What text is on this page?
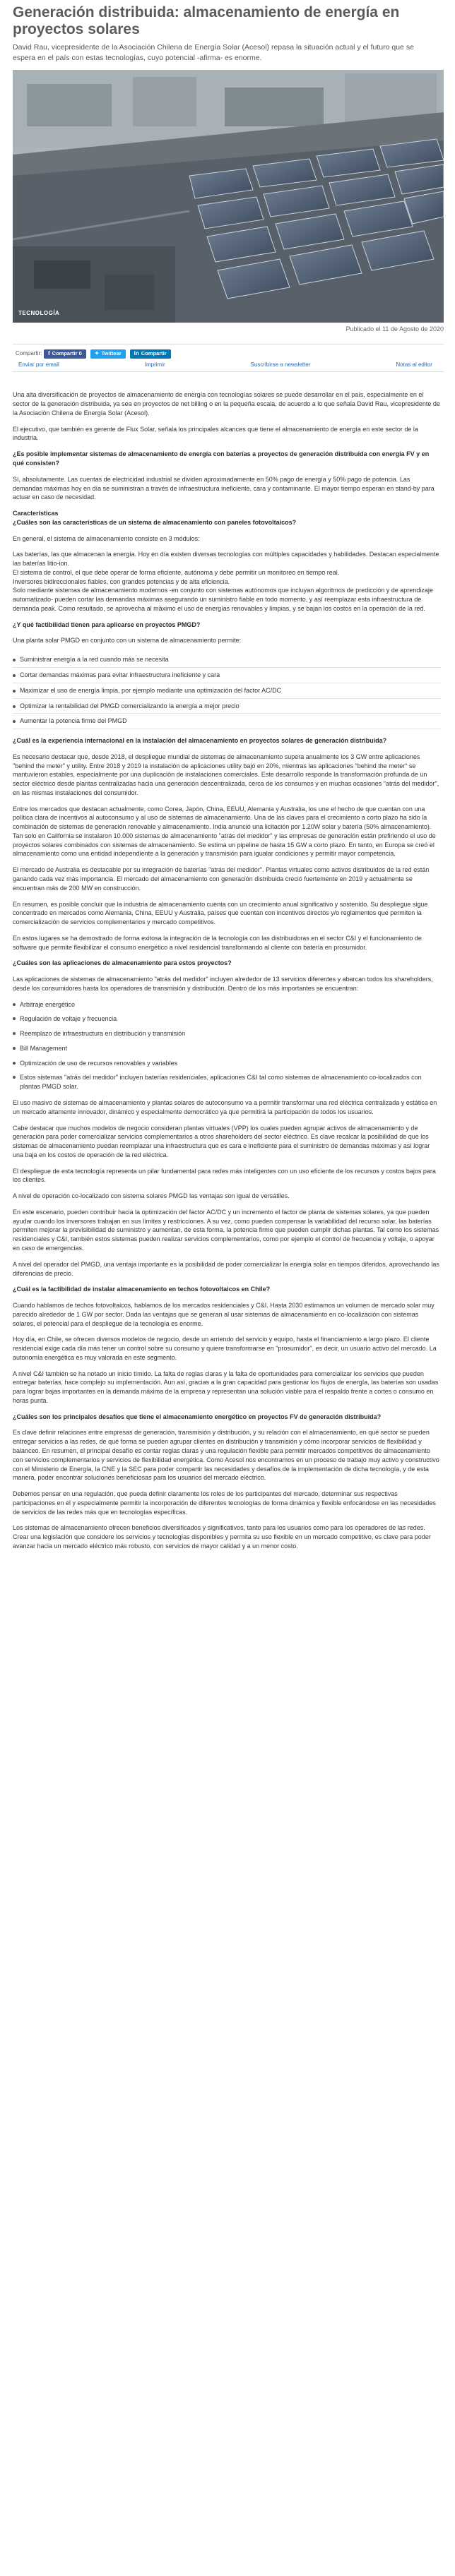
Generación distribuida: almacenamiento de energía en proyectos solares

David Rau, vicepresidente de la Asociación Chilena de Energía Solar (Acesol) repasa la situación actual y el futuro que se espera en el país con estas tecnologías, cuyo potencial -afirma- es enorme.

TECNOLOGÍA
Publicado el 11 de Agosto de 2020
Compartir:	f Compartir 0 ✦ Twittear in Compartir
Enviar por email	Imprimir	Suscribirse a newsletter	Notas al editor

Una alta diversificación de proyectos de almacenamiento de energía con tecnologías solares se puede desarrollar en el país, especialmente en el sector de la generación distribuida, ya sea en proyectos de net billing o en la pequeña escala, de acuerdo a lo que señala David Rau, vicepresidente de la Asociación Chilena de Energía Solar (Acesol).

El ejecutivo, que también es gerente de Flux Solar, señala los principales alcances que tiene el almacenamiento de energía en este sector de la industria.

¿Es posible implementar sistemas de almacenamiento de energía con baterías a proyectos de generación distribuida con energía FV y en qué consisten?

Sí, absolutamente. Las cuentas de electricidad industrial se dividen aproximadamente en 50% pago de energía y 50% pago de potencia. Las demandas máximas hoy en día se suministran a través de infraestructura ineficiente, cara y contaminante. El mayor tiempo esperan en stand-by para actuar en caso de necesidad.

Características

¿Cuáles son las características de un sistema de almacenamiento con paneles fotovoltaicos?

En general, el sistema de almacenamiento consiste en 3 módulos:

Las baterías, las que almacenan la energía. Hoy en día existen diversas tecnologías con múltiples capacidades y habilidades. Destacan especialmente las baterías litio-ion.

El sistema de control, el que debe operar de forma eficiente, autónoma y debe permitir un monitoreo en tiempo real.

Inversores bidireccionales fiables, con grandes potencias y de alta eficiencia.

Solo mediante sistemas de almacenamiento modernos -en conjunto con sistemas autónomos que incluyan algoritmos de predicción y de aprendizaje automatizado- pueden cortar las demandas máximas asegurando un suministro fiable en todo momento, y así reemplazar esta infraestructura de demanda peak. Como resultado, se aprovecha al máximo el uso de energías renovables y limpias, y se bajan los costos en la operación de la red.

¿Y qué factibilidad tienen para aplicarse en proyectos PMGD?

Una planta solar PMGD en conjunto con un sistema de almacenamiento permite:

Suministrar energía a la red cuando más se necesita
Cortar demandas máximas para evitar infraestructura ineficiente y cara
Maximizar el uso de energía limpia, por ejemplo mediante una optimización del factor AC/DC
Optimizar la rentabilidad del PMGD comercializando la energía a mejor precio
Aumentar la potencia firme del PMGD

¿Cuál es la experiencia internacional en la instalación del almacenamiento en proyectos solares de generación distribuida?

Es necesario destacar que, desde 2018, el despliegue mundial de sistemas de almacenamiento supera anualmente los 3 GW entre aplicaciones "behind the meter" y utility. Entre 2018 y 2019 la instalación de aplicaciones utility bajó en 20%, mientras las aplicaciones "behind the meter" se mantuvieron estables, especialmente por una duplicación de instalaciones comerciales. Este desarrollo responde la transformación profunda de un sector eléctrico desde plantas centralizadas hacia una generación descentralizada, cerca de los consumos y en muchas ocasiones "atrás del medidor", en las mismas instalaciones del consumidor.

Entre los mercados que destacan actualmente, como Corea, Japón, China, EEUU, Alemania y Australia, los une el hecho de que cuentan con una política clara de incentivos al autoconsumo y al uso de sistemas de almacenamiento. Una de las claves para el crecimiento a corto plazo ha sido la combinación de sistemas de generación renovable y almacenamiento. India anunció una licitación por 1.20W solar y batería (50% almacenamiento). Tan solo en California se instalaron 10.000 sistemas de almacenamiento "atrás del medidor" y las empresas de generación están prefiriendo el uso de proyectos solares combinados con sistemas de almacenamiento. Se estima un pipeline de hasta 15 GW a corto plazo. En tanto, en Europa se creó el almacenamiento como una entidad independiente a la generación y transmisión para igualar condiciones y permitir mayor competencia.

El mercado de Australia es destacable por su integración de baterías "atrás del medidor". Plantas virtuales como activos distribuidos de la red están ganando cada vez más importancia. El mercado del almacenamiento con generación distribuida creció fuertemente en 2019 y actualmente se encuentran más de 200 MW en construcción.

En resumen, es posible concluir que la industria de almacenamiento cuenta con un crecimiento anual significativo y sostenido. Su despliegue sigue concentrado en mercados como Alemania, China, EEUU y Australia, países que cuentan con incentivos directos y/o reglamentos que permiten la comercialización de servicios complementarios y mercado competitivos.

En estos lugares se ha demostrado de forma exitosa la integración de la tecnología con las distribuidoras en el sector C&I y el funcionamiento de software que permite flexibilizar el consumo energético a nivel residencial transformando al cliente con batería en prosumidor.

¿Cuáles son las aplicaciones de almacenamiento para estos proyectos?

Las aplicaciones de sistemas de almacenamiento "atrás del medidor" incluyen alrededor de 13 servicios diferentes y abarcan todos los shareholders, desde los consumidores hasta los operadores de transmisión y distribución. Dentro de los más importantes se encuentran:

Arbitraje energético
Regulación de voltaje y frecuencia
Reemplazo de infraestructura en distribución y transmisión
Bill Management
Optimización de uso de recursos renovables y variables
Estos sistemas "atrás del medidor" incluyen baterías residenciales, aplicaciones C&I tal como sistemas de almacenamiento co-localizados con plantas PMGD solar.

El uso masivo de sistemas de almacenamiento y plantas solares de autoconsumo va a permitir transformar una red eléctrica centralizada y estática en un mercado altamente innovador, dinámico y especialmente democrático ya que permitirá la participación de todos los usuarios.

Cabe destacar que muchos modelos de negocio consideran plantas virtuales (VPP) los cuales pueden agrupar activos de almacenamiento y de generación para poder comercializar servicios complementarios a otros shareholders del sector eléctrico. Es clave recalcar la posibilidad de que los sistemas de almacenamiento puedan reemplazar una infraestructura que es cara e ineficiente para el suministro de demandas máximas y así lograr una baja en los costos de operación de la red eléctrica.

El despliegue de esta tecnología representa un pilar fundamental para redes más inteligentes con un uso eficiente de los recursos y costos bajos para los clientes.

A nivel de operación co-localizado con sistema solares PMGD las ventajas son igual de versátiles.

En este escenario, pueden contribuir hacia la optimización del factor AC/DC y un incremento el factor de planta de sistemas solares, ya que pueden ayudar cuando los inversores trabajan en sus límites y restricciones. A su vez, como pueden compensar la variabilidad del recurso solar, las baterías permiten mejorar la previsibilidad de suministro y aumentan, de esta forma, la potencia firme que pueden cumplir dichas plantas. Tal como los sistemas residenciales y C&I, también estos sistemas pueden realizar servicios complementarios, como por ejemplo el control de frecuencia y voltaje, o apoyar en caso de emergencias.

A nivel del operador del PMGD, una ventaja importante es la posibilidad de poder comercializar la energía solar en tiempos diferidos, aprovechando las diferencias de precio.

¿Cuál es la factibilidad de instalar almacenamiento en techos fotovoltaicos en Chile?

Cuando hablamos de techos fotovoltaicos, hablamos de los mercados residenciales y C&I. Hasta 2030 estimamos un volumen de mercado solar muy parecido alrededor de 1 GW por sector. Dada las ventajas que se generan al usar sistemas de almacenamiento en co-localización con sistemas solares, el potencial para el despliegue de la tecnología es enorme.

Hoy día, en Chile, se ofrecen diversos modelos de negocio, desde un arriendo del servicio y equipo, hasta el financiamiento a largo plazo. El cliente residencial exige cada día más tener un control sobre su consumo y quiere transformarse en "prosumidor", es decir, un usuario activo del mercado. La autonomía energética es muy valorada en este segmento.

A nivel C&I también se ha notado un inicio tímido. La falta de reglas claras y la falta de oportunidades para comercializar los servicios que pueden entregar baterías, hace complejo su implementación. Aun así, gracias a la gran capacidad para gestionar los flujos de energía, las baterías son usadas para lograr bajas importantes en la demanda máxima de la empresa y representan una solución viable para el respaldo frente a cortes o consumo en horas punta.

¿Cuáles son los principales desafíos que tiene el almacenamiento energético en proyectos FV de generación distribuida?

Es clave definir relaciones entre empresas de generación, transmisión y distribución, y su relación con el almacenamiento, en qué sector se pueden entregar servicios a las redes, de qué forma se pueden agrupar clientes en distribución y transmisión y cómo incorporar servicios de flexibilidad y balanceo. En resumen, el principal desafío es contar reglas claras y una regulación flexible para permitir mercados competitivos de almacenamiento con servicios complementarios y servicios de flexibilidad energética. Como Acesol nos encontramos en un proceso de trabajo muy activo y constructivo con el Ministerio de Energía, la CNE y la SEC para poder compartir las necesidades y desafíos de la implementación de dicha tecnología, y de esta manera, poder encontrar soluciones beneficiosas para los usuarios del mercado eléctrico.

Debemos pensar en una regulación, que pueda definir claramente los roles de los participantes del mercado, determinar sus respectivas participaciones en él y especialmente permitir la incorporación de diferentes tecnologías de forma dinámica y flexible enfocándose en las necesidades de servicios de las redes más que en tecnologías específicas.

Los sistemas de almacenamiento ofrecen beneficios diversificados y significativos, tanto para los usuarios como para los operadores de las redes. Crear una legislación que considere los servicios y tecnologías disponibles y permita su uso flexible en un mercado competitivo, es clave para poder avanzar hacia un mercado eléctrico más robusto, con servicios de mayor calidad y a un menor costo.
